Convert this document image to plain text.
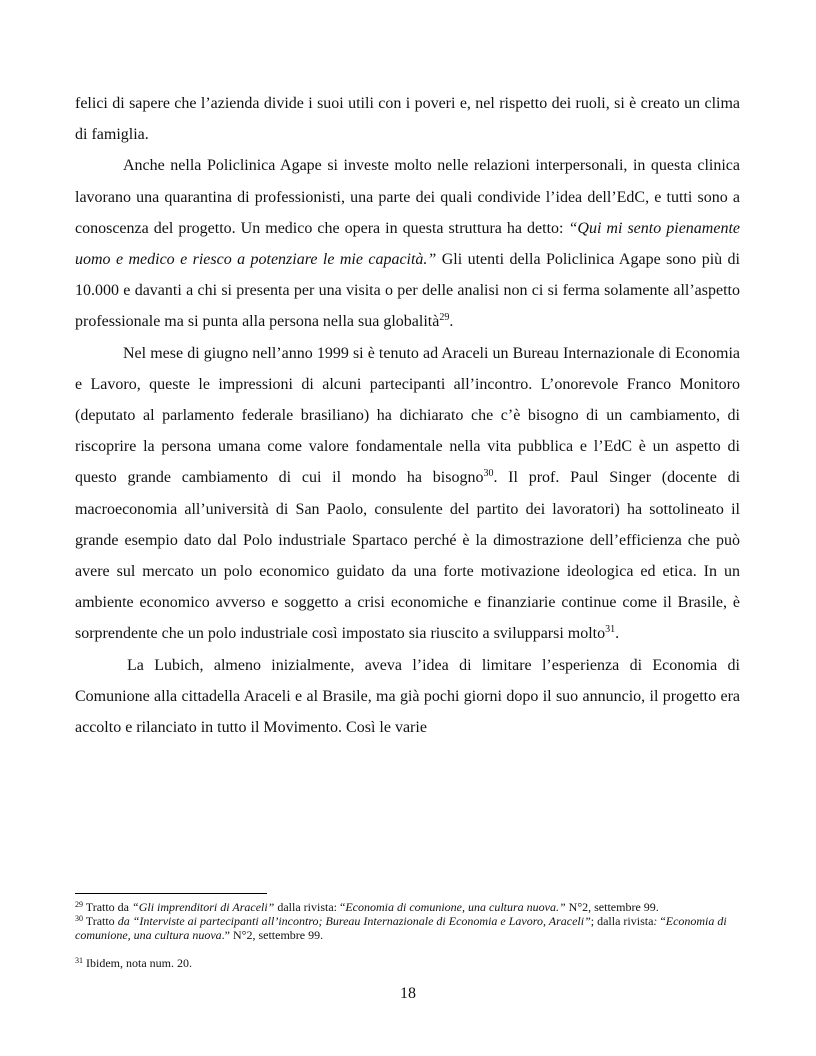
felici di sapere che l’azienda divide i suoi utili con i poveri e, nel rispetto dei ruoli, si è creato un clima di famiglia.

Anche nella Policlinica Agape si investe molto nelle relazioni interpersonali, in questa clinica lavorano una quarantina di professionisti, una parte dei quali condivide l’idea dell’EdC, e tutti sono a conoscenza del progetto. Un medico che opera in questa struttura ha detto: “Qui mi sento pienamente uomo e medico e riesco a potenziare le mie capacità.” Gli utenti della Policlinica Agape sono più di 10.000 e davanti a chi si presenta per una visita o per delle analisi non ci si ferma solamente all’aspetto professionale ma si punta alla persona nella sua globalità$^{29}$.

Nel mese di giugno nell’anno 1999 si è tenuto ad Araceli un Bureau Internazionale di Economia e Lavoro, queste le impressioni di alcuni partecipanti all’incontro. L’onorevole Franco Monitoro (deputato al parlamento federale brasiliano) ha dichiarato che c’è bisogno di un cambiamento, di riscoprire la persona umana come valore fondamentale nella vita pubblica e l’EdC è un aspetto di questo grande cambiamento di cui il mondo ha bisogno$^{30}$. Il prof. Paul Singer (docente di macroeconomia all’università di San Paolo, consulente del partito dei lavoratori) ha sottolineato il grande esempio dato dal Polo industriale Spartaco perché è la dimostrazione dell’efficienza che può avere sul mercato un polo economico guidato da una forte motivazione ideologica ed etica. In un ambiente economico avverso e soggetto a crisi economiche e finanziarie continue come il Brasile, è sorprendente che un polo industriale così impostato sia riuscito a svilupparsi molto$^{31}$.

La Lubich, almeno inizialmente, aveva l’idea di limitare l’esperienza di Economia di Comunione alla cittadella Araceli e al Brasile, ma già pochi giorni dopo il suo annuncio, il progetto era accolto e rilanciato in tutto il Movimento. Così le varie

$^{29}$ Tratto da “Gli imprenditori di Araceli” dalla rivista: “Economia di comunione, una cultura nuova.” N°2, settembre 99.

$^{30}$ Tratto da “Interviste ai partecipanti all’incontro; Bureau Internazionale di Economia e Lavoro, Araceli”; dalla rivista: “Economia di comunione, una cultura nuova.” N°2, settembre 99.

$^{31}$ Ibidem, nota num. 20.

18
